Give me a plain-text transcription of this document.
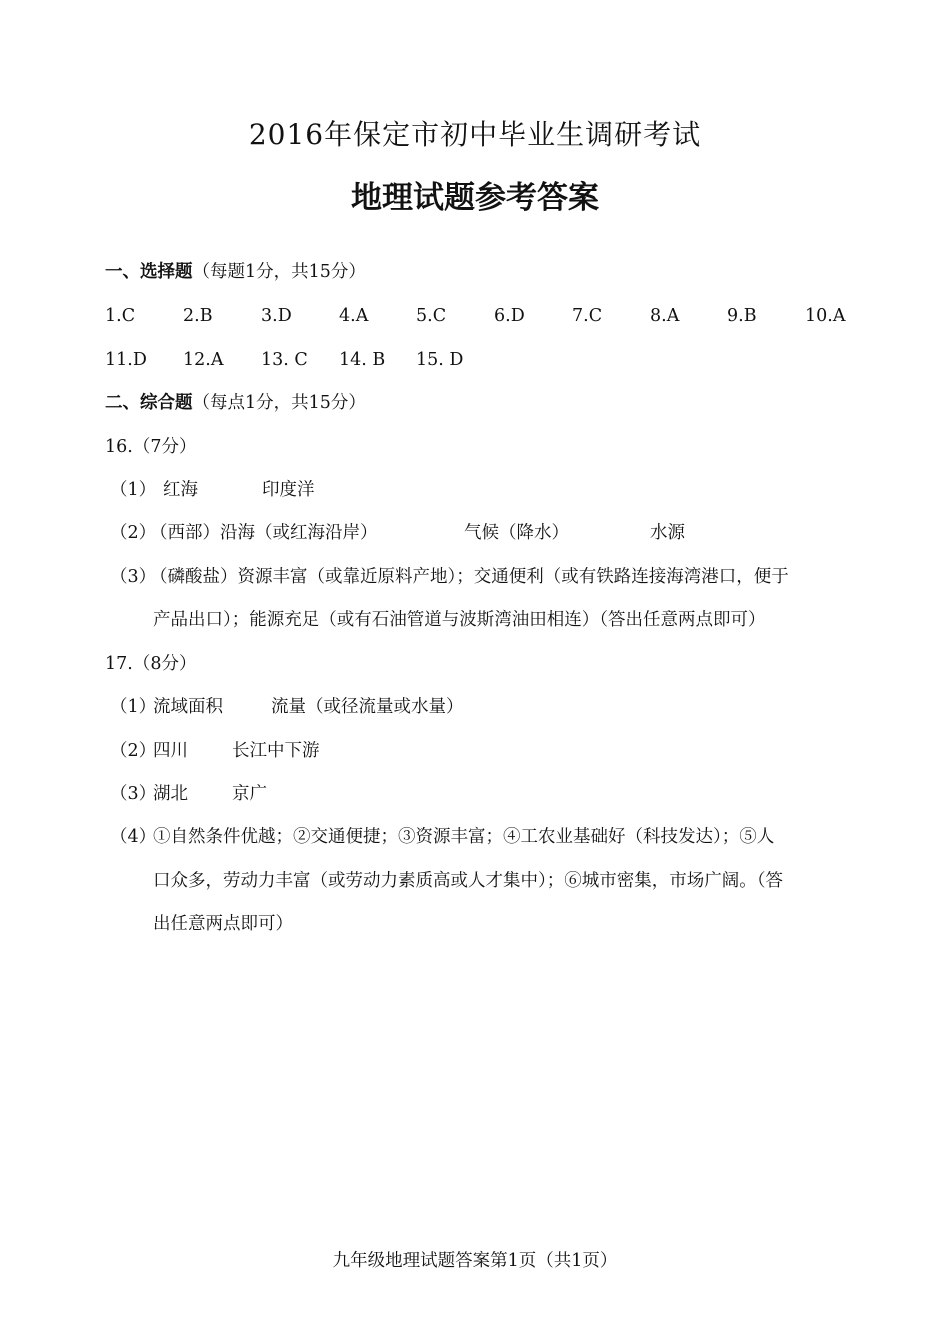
2016年保定市初中毕业生调研考试
地理试题参考答案
一、选择题（每题1分，共15分）
1.C	2.B	3.D	4.A	5.C	6.D	7.C	8.A	9.B	10.A
11.D 12.A 13. C 14. B 15. D
二、综合题（每点1分，共15分）
16.（7分）
（1） 红海	印度洋
（2）
（西部）沿海（或红海沿岸）	气候（降水）	水源
（3）
（磷酸盐）资源丰富（或靠近原料产地）；交通便利（或有铁路连接海湾港口，便于
产品出口）；能源充足（或有石油管道与波斯湾油田相连）（答出任意两点即可）
17.（8分）
（1）
流域面积	流量（或径流量或水量）
（2）
四川	长江中下游
（3）
湖北	京广
（4）
①自然条件优越；②交通便捷；③资源丰富；④工农业基础好（科技发达）；⑤人
口众多，劳动力丰富（或劳动力素质高或人才集中）；⑥城市密集，市场广阔。（答
出任意两点即可）
九年级地理试题答案第1页（共1页）
